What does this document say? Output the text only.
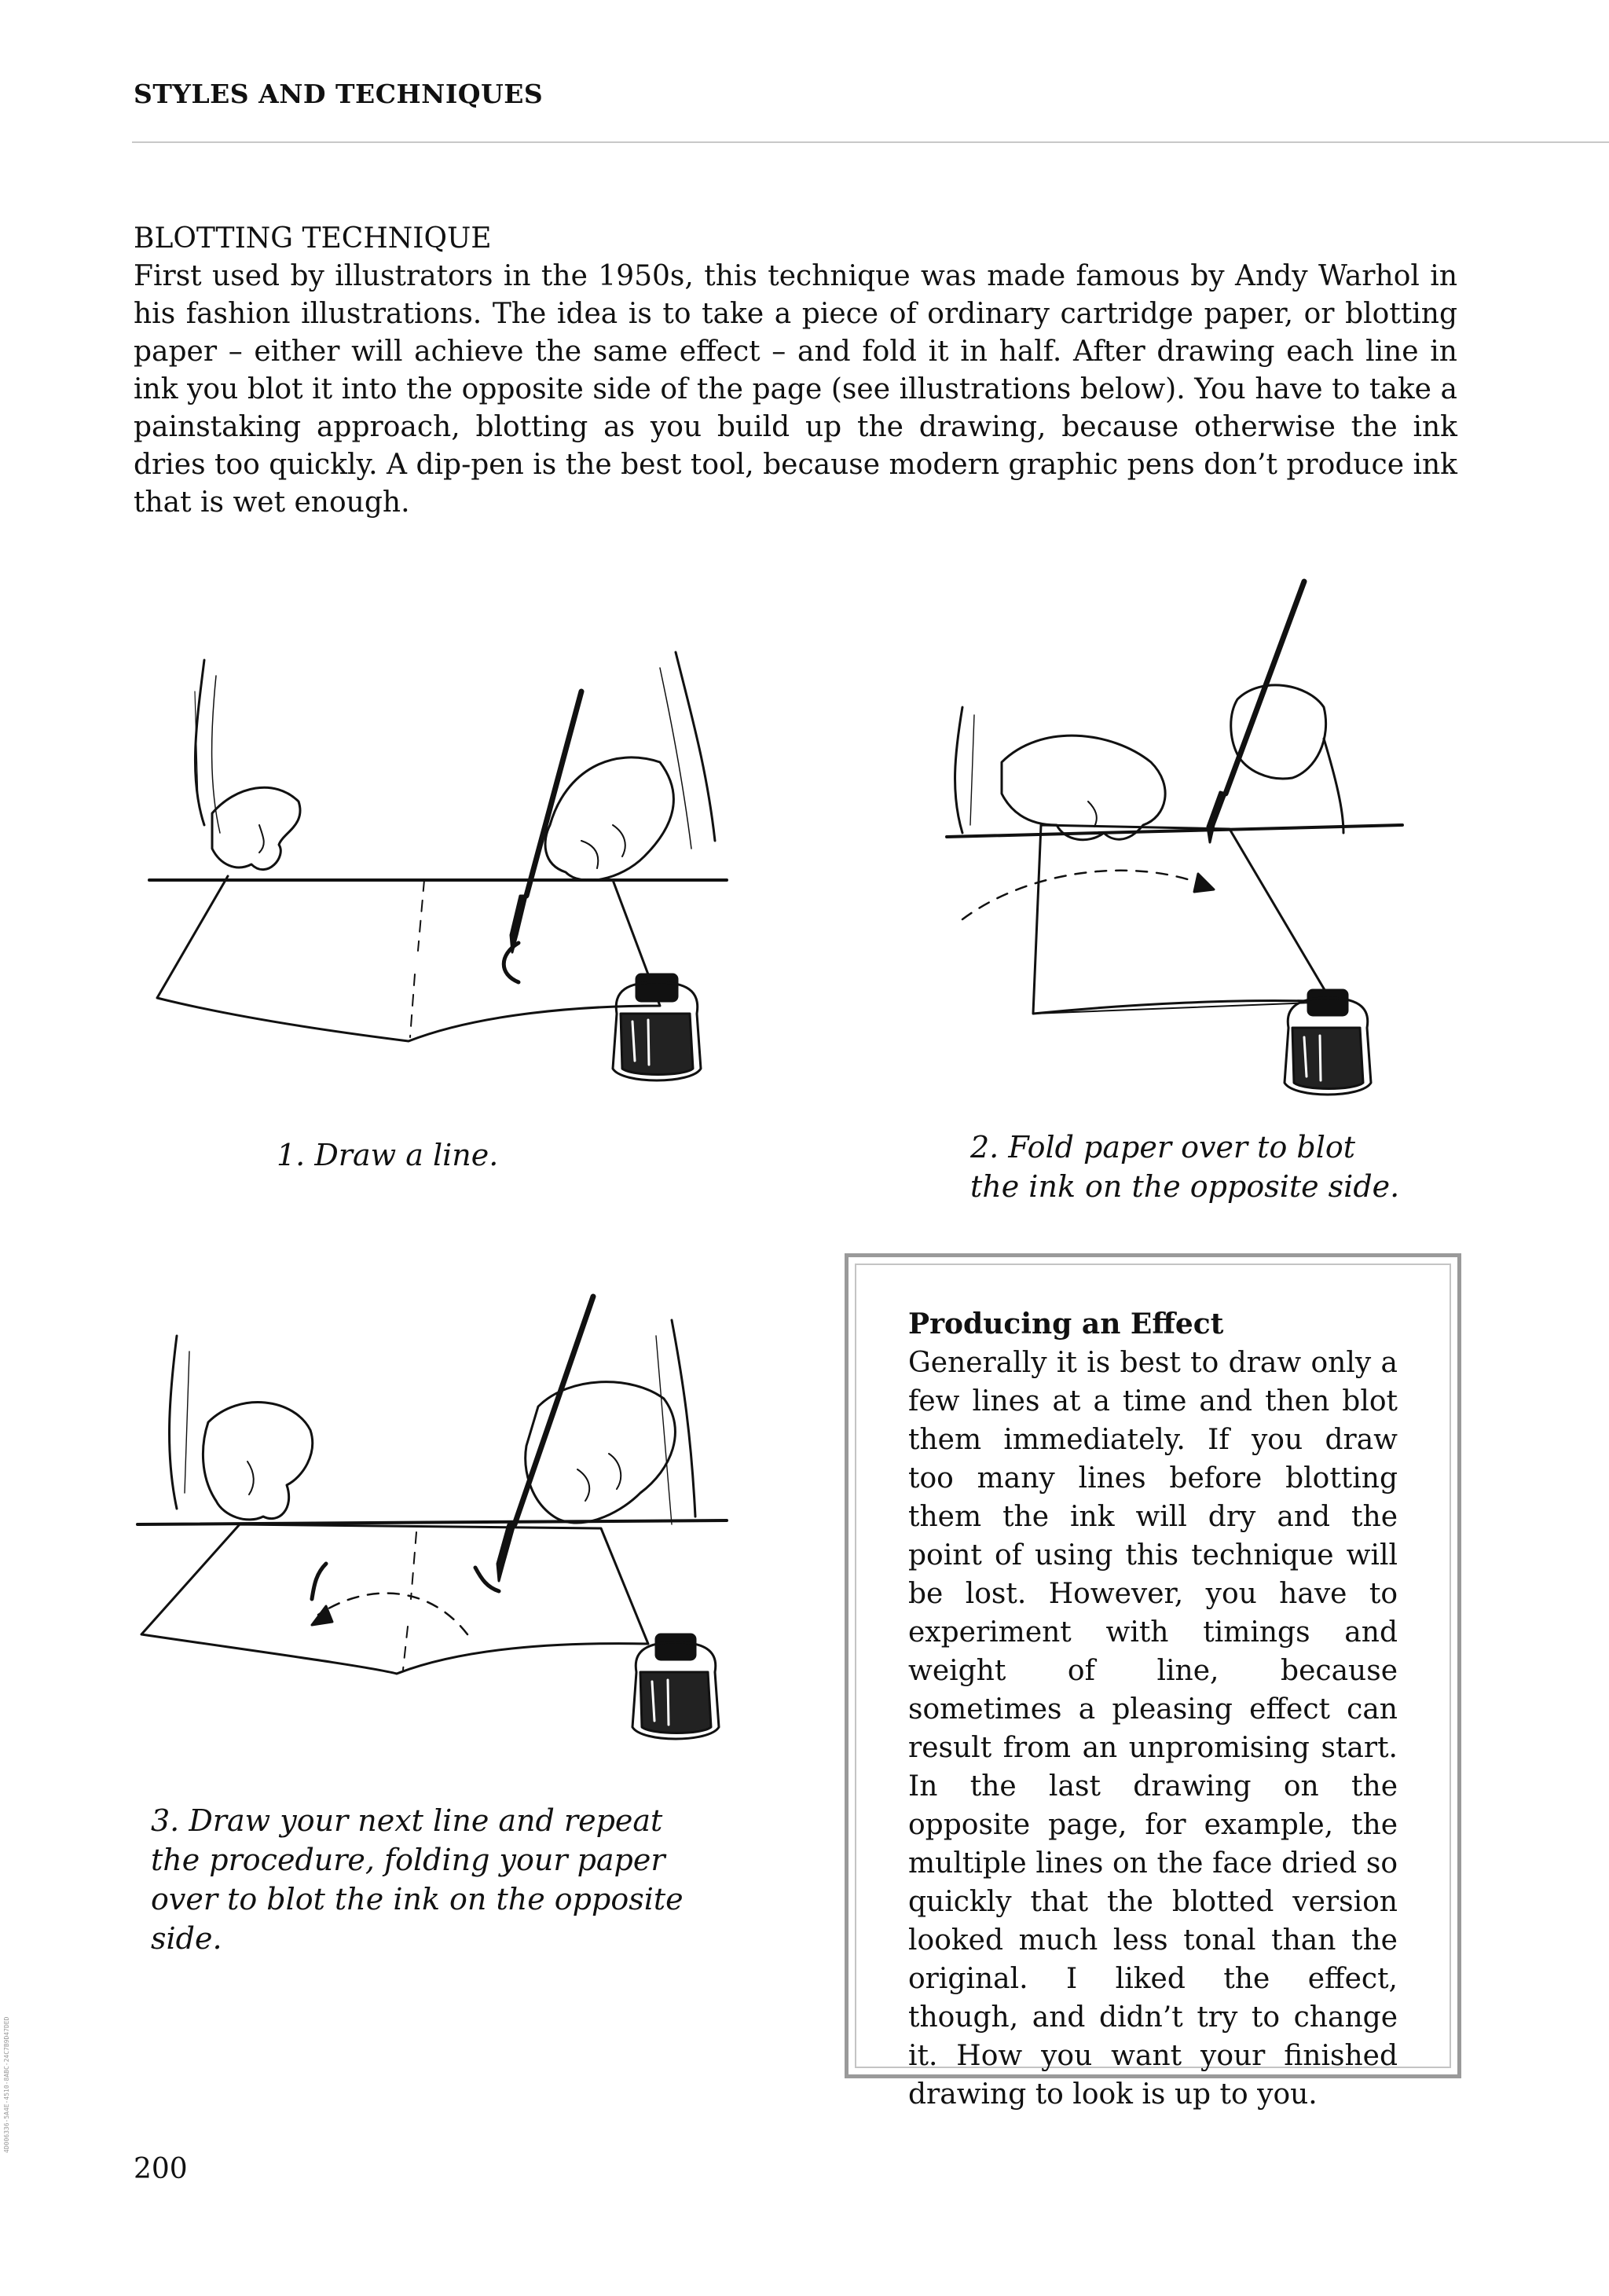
STYLES AND TECHNIQUES
BLOTTING TECHNIQUE

First used by illustrators in the 1950s, this technique was made famous by Andy Warhol in his fashion illustrations. The idea is to take a piece of ordinary cartridge paper, or blotting paper – either will achieve the same effect – and fold it in half. After drawing each line in ink you blot it into the opposite side of the page (see illustrations below). You have to take a painstaking approach, blotting as you build up the drawing, because otherwise the ink dries too quickly. A dip-pen is the best tool, because modern graphic pens don’t produce ink that is wet enough.

1. Draw a line.	2. Fold paper over to blot the ink on the opposite side.
3. Draw your next line and repeat the procedure, folding your paper over to blot the ink on the opposite side.
Producing an Effect

Generally it is best to draw only a few lines at a time and then blot them immediately. If you draw too many lines before blotting them the ink will dry and the point of using this technique will be lost. However, you have to experiment with timings and weight of line, because sometimes a pleasing effect can result from an unpromising start. In the last drawing on the opposite page, for example, the multiple lines on the face dried so quickly that the blotted version looked much less tonal than the original. I liked the effect, though, and didn’t try to change it. How you want your finished drawing to look is up to you.

200
4D006336-5A4E-4510-8ABC-24C7B9D47DED
